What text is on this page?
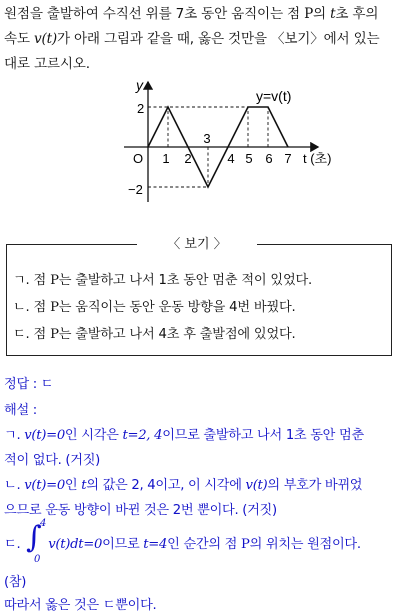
원점을 출발하여 수직선 위를 7초 동안 움직이는 점 P의 t초 후의
속도 v(t)가 아래 그림과 같을 때, 옳은 것만을 〈보기〉에서 있는
대로 고르시오.
y
y=v(t)
O	t (초)
1 2
3
4 5 6 7
2
−2
〈 보기 〉
ㄱ. 점 P는 출발하고 나서 1초 동안 멈춘 적이 있었다.
ㄴ. 점 P는 움직이는 동안 운동 방향을 4번 바꿨다.
ㄷ. 점 P는 출발하고 나서 4초 후 출발점에 있었다.
정답 : ㄷ
해설 :
ㄱ. v(t)=0인 시각은 t=2, 4이므로 출발하고 나서 1초 동안 멈춘
적이 없다. (거짓)
ㄴ. v(t)=0인 t의 값은 2, 4이고, 이 시각에 v(t)의 부호가 바뀌었
으므로 운동 방향이 바뀐 것은 2번 뿐이다. (거짓)
ㄷ. v(t)dt=0이므로 t=4인 순간의 점 P의 위치는 원점이다.
∫
4
0
(참)
따라서 옳은 것은 ㄷ뿐이다.
